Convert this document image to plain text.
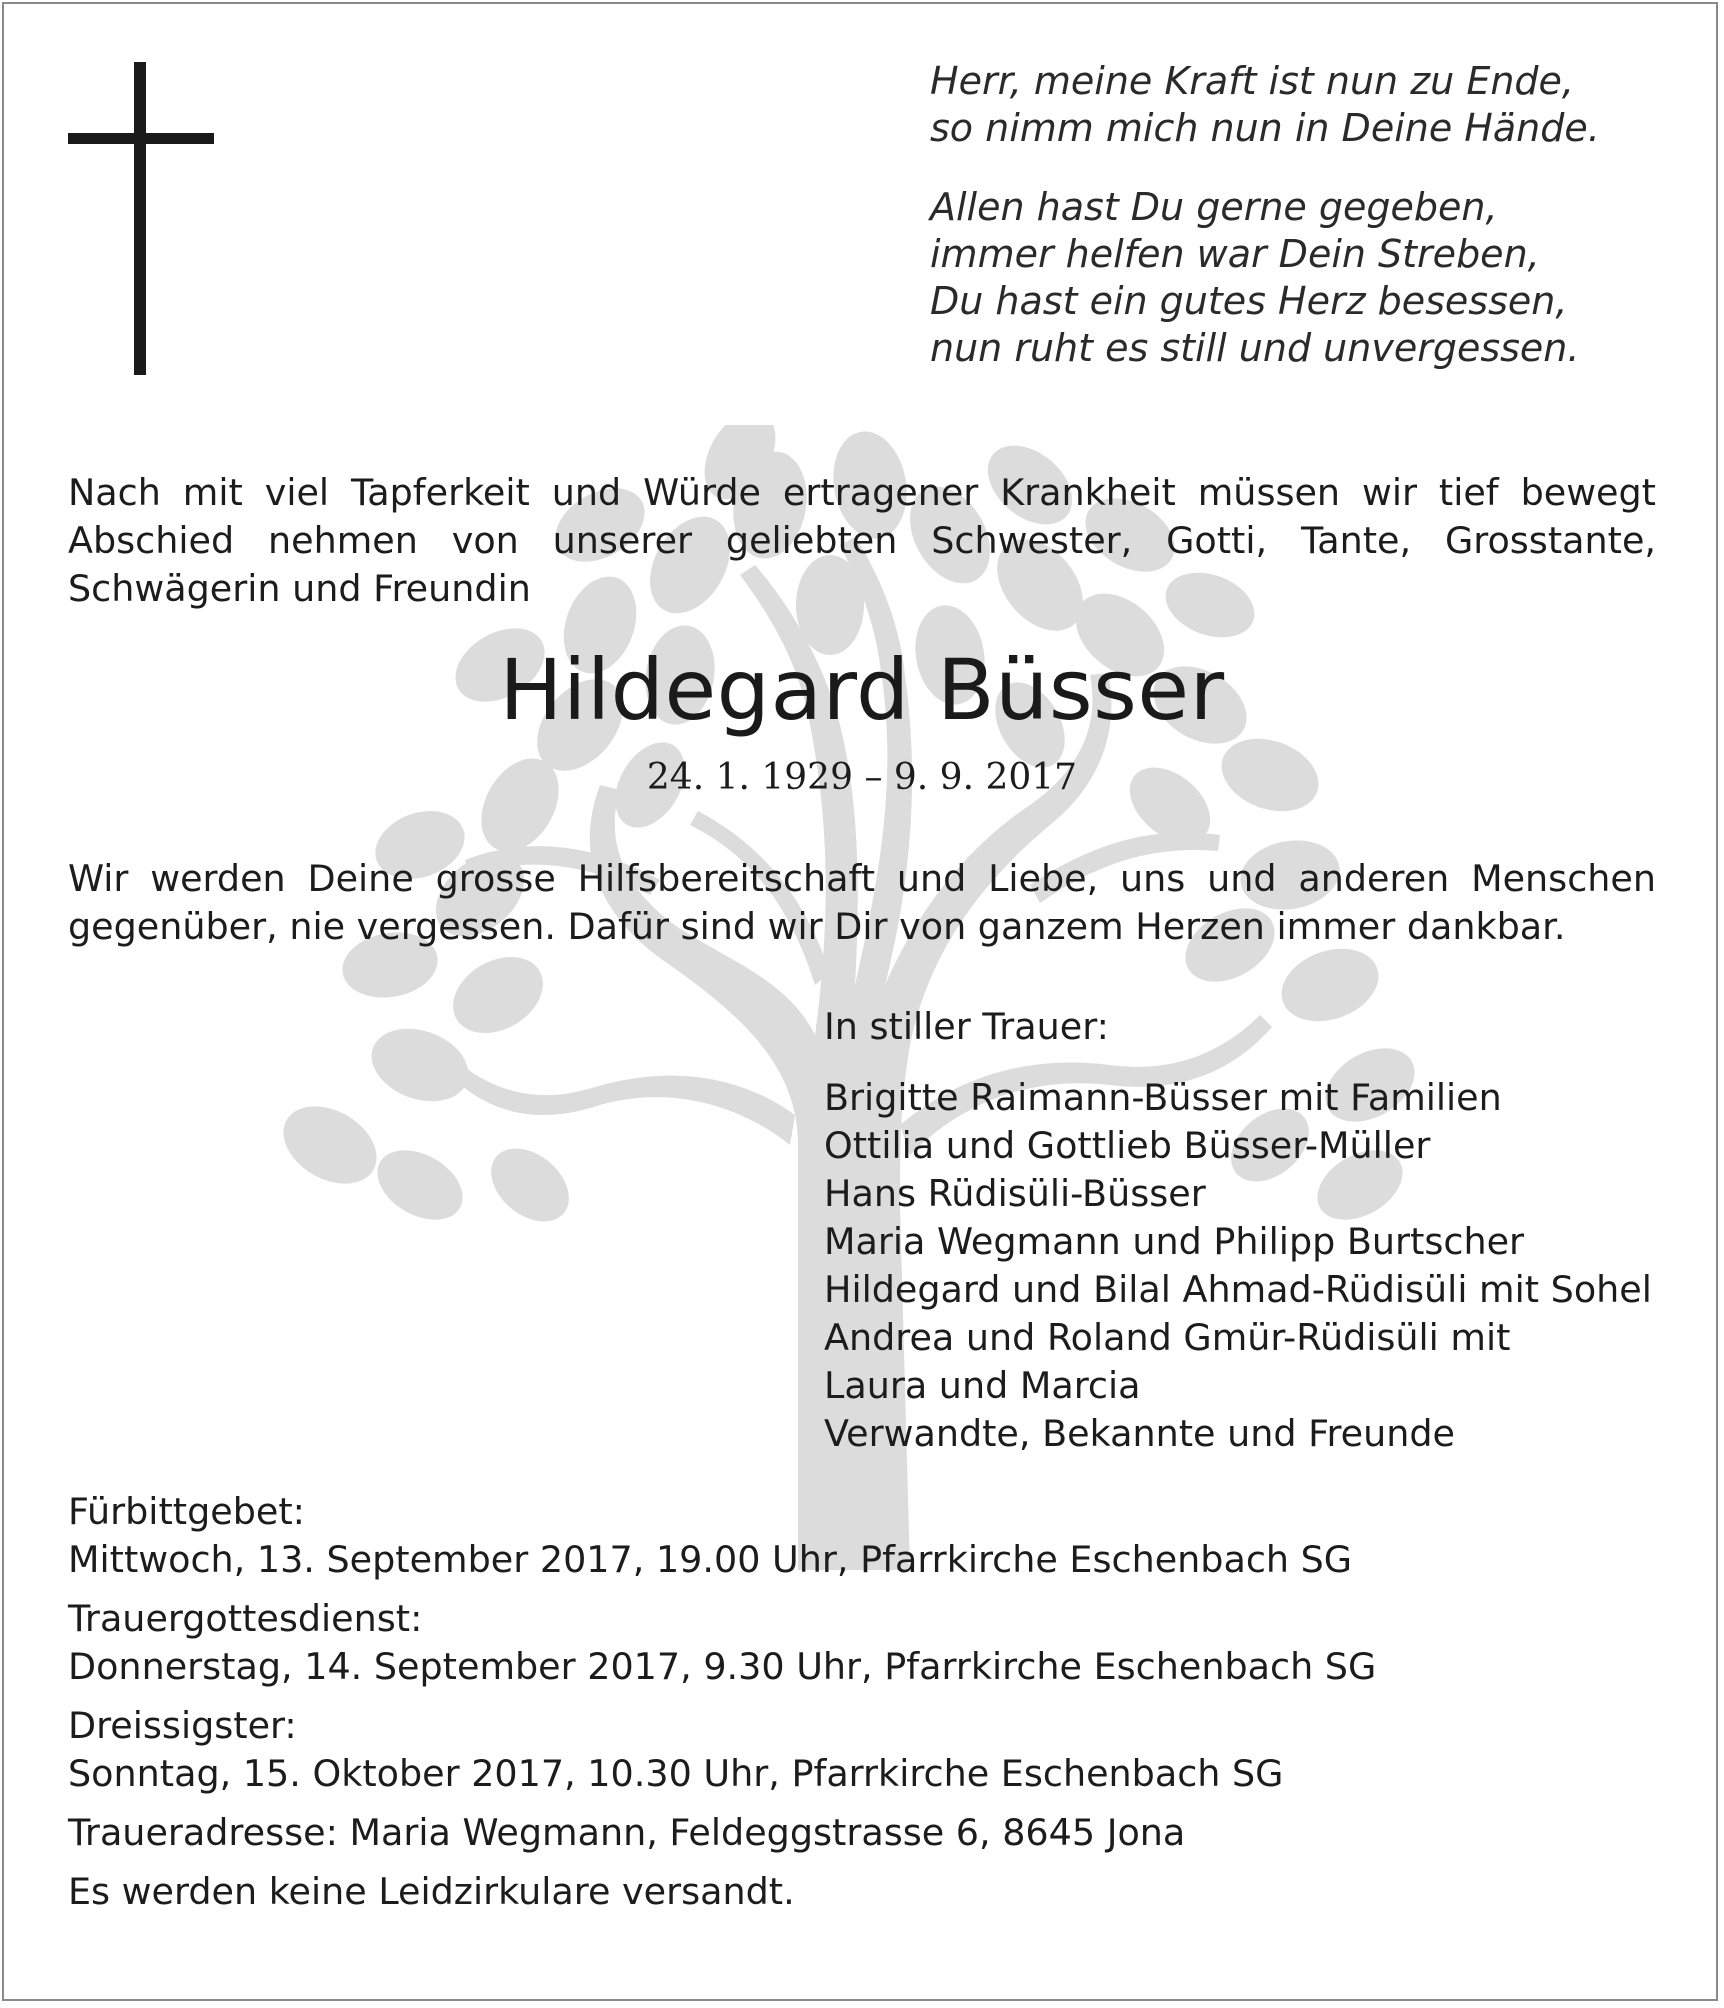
Herr, meine Kraft ist nun zu Ende,
so nimm mich nun in Deine Hände.
Allen hast Du gerne gegeben,
immer helfen war Dein Streben,
Du hast ein gutes Herz besessen,
nun ruht es still und unvergessen.
Nach mit viel Tapferkeit und Würde ertragener Krankheit müssen wir tief bewegt Abschied nehmen von unserer geliebten Schwester, Gotti, Tante, Grosstante, Schwägerin und Freundin
Hildegard Büsser
24. 1. 1929 – 9. 9. 2017
Wir werden Deine grosse Hilfsbereitschaft und Liebe, uns und anderen Menschen gegenüber, nie vergessen. Dafür sind wir Dir von ganzem Herzen immer dankbar.
In stiller Trauer:
Brigitte Raimann-Büsser mit Familien
Ottilia und Gottlieb Büsser-Müller
Hans Rüdisüli-Büsser
Maria Wegmann und Philipp Burtscher
Hildegard und Bilal Ahmad-Rüdisüli mit Sohel
Andrea und Roland Gmür-Rüdisüli mit
Laura und Marcia
Verwandte, Bekannte und Freunde
Fürbittgebet:
Mittwoch, 13. September 2017, 19.00 Uhr, Pfarrkirche Eschenbach SG
Trauergottesdienst:
Donnerstag, 14. September 2017, 9.30 Uhr, Pfarrkirche Eschenbach SG
Dreissigster:
Sonntag, 15. Oktober 2017, 10.30 Uhr, Pfarrkirche Eschenbach SG
Traueradresse: Maria Wegmann, Feldeggstrasse 6, 8645 Jona
Es werden keine Leidzirkulare versandt.
